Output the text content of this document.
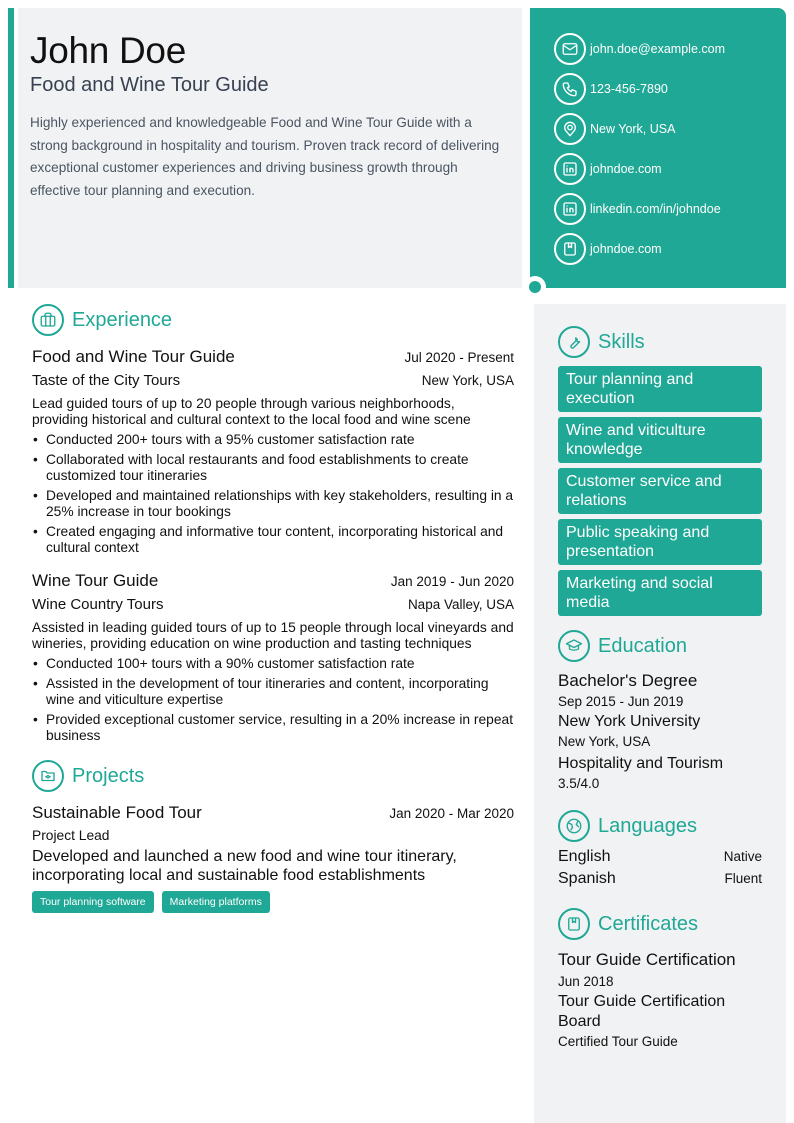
John Doe
Food and Wine Tour Guide
Highly experienced and knowledgeable Food and Wine Tour Guide with a strong background in hospitality and tourism. Proven track record of delivering exceptional customer experiences and driving business growth through effective tour planning and execution.
john.doe@example.com
123-456-7890
New York, USA
johndoe.com
linkedin.com/in/johndoe
johndoe.com
Experience
Food and Wine Tour Guide	Jul 2020 - Present
Taste of the City Tours	New York, USA
Lead guided tours of up to 20 people through various neighborhoods, providing historical and cultural context to the local food and wine scene
• Conducted 200+ tours with a 95% customer satisfaction rate
• Collaborated with local restaurants and food establishments to create customized tour itineraries
• Developed and maintained relationships with key stakeholders, resulting in a 25% increase in tour bookings
• Created engaging and informative tour content, incorporating historical and cultural context
Wine Tour Guide	Jan 2019 - Jun 2020
Wine Country Tours	Napa Valley, USA
Assisted in leading guided tours of up to 15 people through local vineyards and wineries, providing education on wine production and tasting techniques
• Conducted 100+ tours with a 90% customer satisfaction rate
• Assisted in the development of tour itineraries and content, incorporating wine and viticulture expertise
• Provided exceptional customer service, resulting in a 20% increase in repeat business
Projects
Sustainable Food Tour	Jan 2020 - Mar 2020
Project Lead
Developed and launched a new food and wine tour itinerary, incorporating local and sustainable food establishments
Tour planning software	Marketing platforms
Skills
Tour planning and execution
Wine and viticulture knowledge
Customer service and relations
Public speaking and presentation
Marketing and social media
Education
Bachelor's Degree
Sep 2015 - Jun 2019
New York University
New York, USA
Hospitality and Tourism
3.5/4.0
Languages
English	Native
Spanish	Fluent
Certificates
Tour Guide Certification
Jun 2018
Tour Guide Certification Board
Certified Tour Guide
